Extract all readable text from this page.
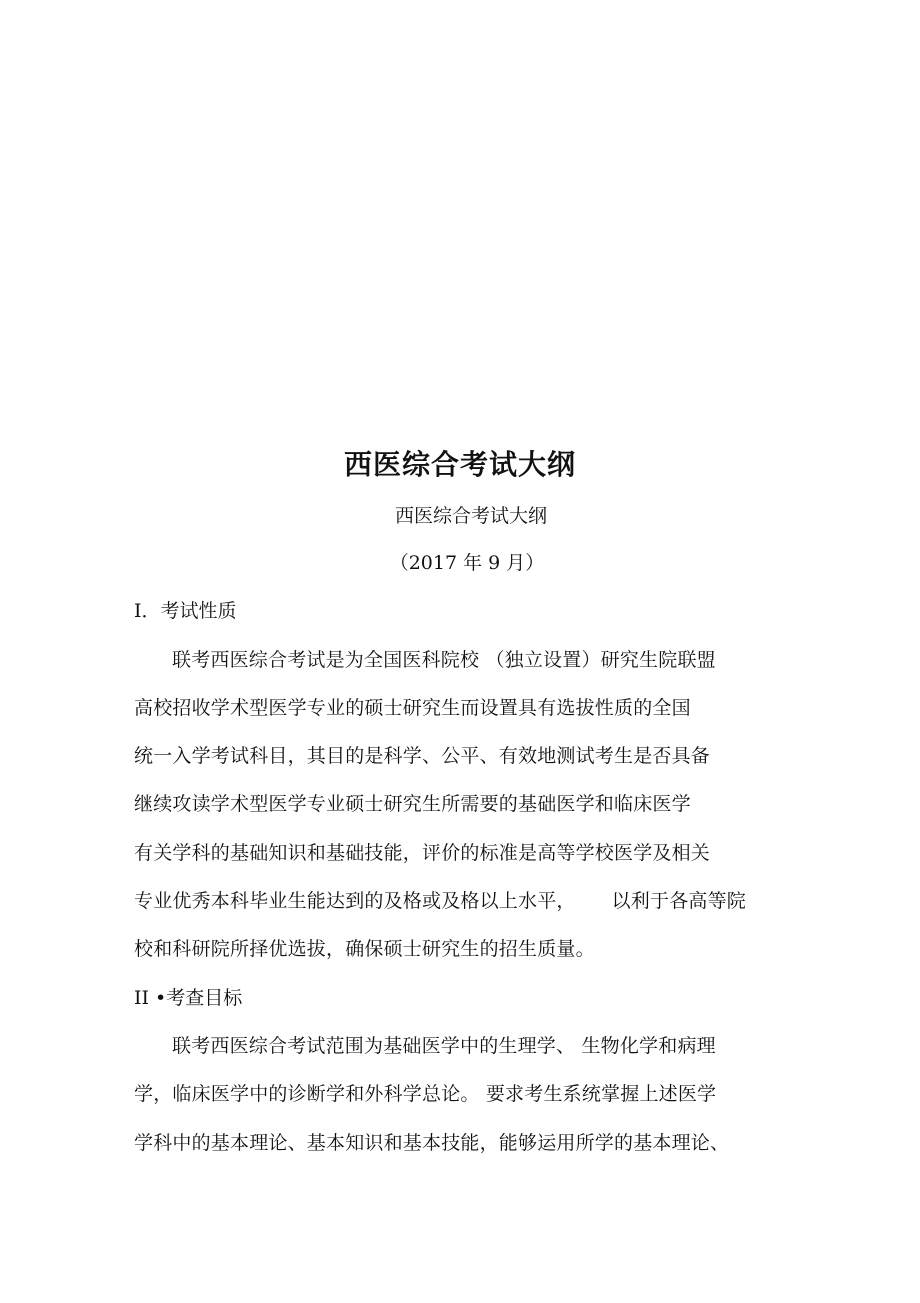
西医综合考试大纲

西医综合考试大纲

（2017 年 9 月）

I．考试性质

联考西医综合考试是为全国医科院校 （独立设置）研究生院联盟

高校招收学术型医学专业的硕士研究生而设置具有选拔性质的全国

统一入学考试科目，其目的是科学、公平、有效地测试考生是否具备

继续攻读学术型医学专业硕士研究生所需要的基础医学和临床医学

有关学科的基础知识和基础技能，评价的标准是高等学校医学及相关

专业优秀本科毕业生能达到的及格或及格以上水平， 以利于各高等院

校和科研院所择优选拔，确保硕士研究生的招生质量。

II •考查目标

联考西医综合考试范围为基础医学中的生理学、 生物化学和病理

学，临床医学中的诊断学和外科学总论。 要求考生系统掌握上述医学

学科中的基本理论、基本知识和基本技能，能够运用所学的基本理论、
